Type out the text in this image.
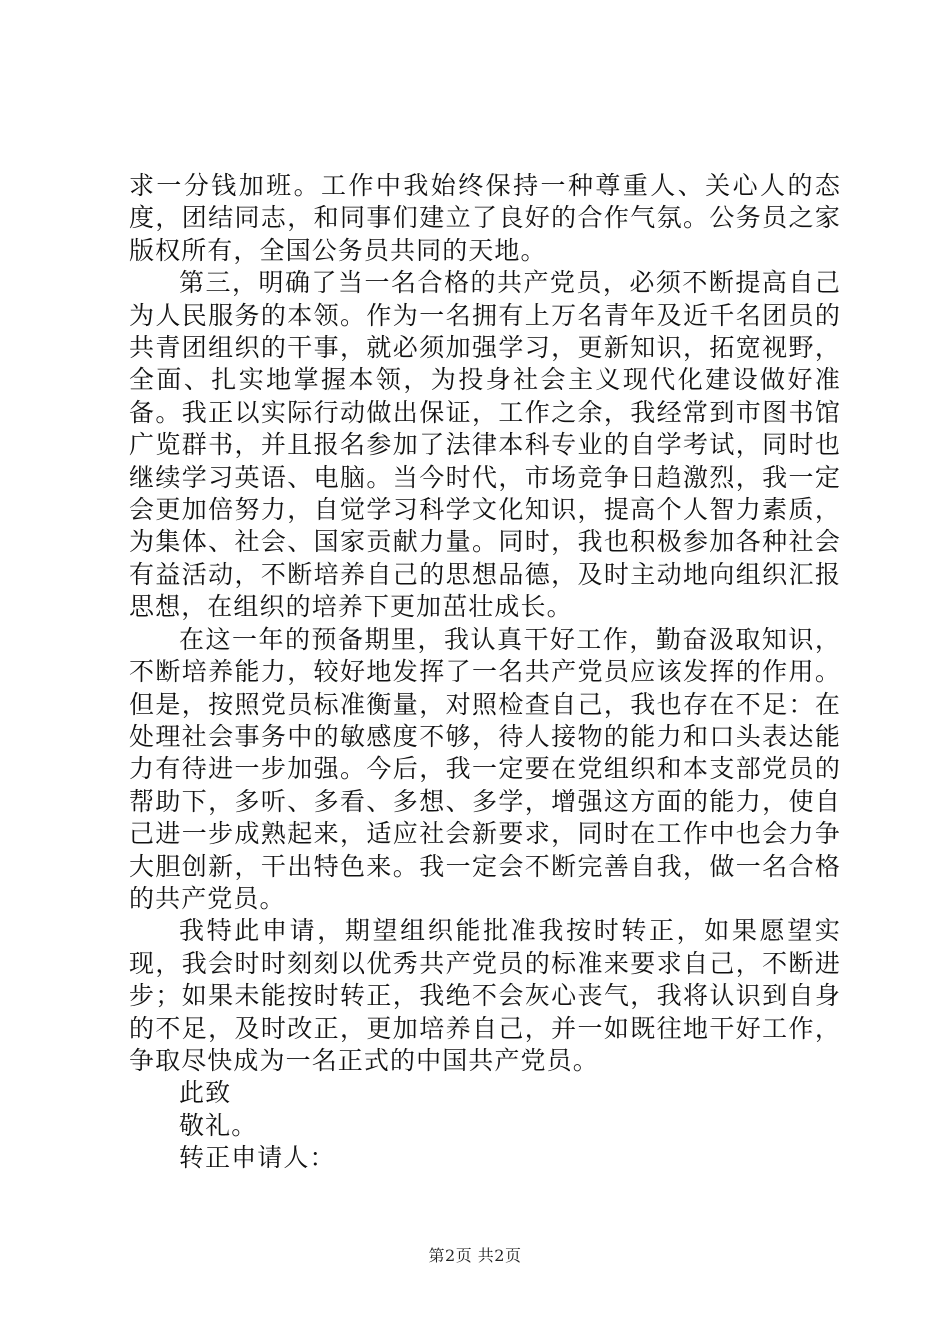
求一分钱加班。工作中我始终保持一种尊重人、关心人的态度，团结同志，和同事们建立了良好的合作气氛。公务员之家版权所有，全国公务员共同的天地。

第三，明确了当一名合格的共产党员，必须不断提高自己为人民服务的本领。作为一名拥有上万名青年及近千名团员的共青团组织的干事，就必须加强学习，更新知识，拓宽视野，全面、扎实地掌握本领，为投身社会主义现代化建设做好准备。我正以实际行动做出保证，工作之余，我经常到市图书馆广览群书，并且报名参加了法律本科专业的自学考试，同时也继续学习英语、电脑。当今时代，市场竞争日趋激烈，我一定会更加倍努力，自觉学习科学文化知识，提高个人智力素质，为集体、社会、国家贡献力量。同时，我也积极参加各种社会有益活动，不断培养自己的思想品德，及时主动地向组织汇报思想，在组织的培养下更加茁壮成长。

在这一年的预备期里，我认真干好工作，勤奋汲取知识，不断培养能力，较好地发挥了一名共产党员应该发挥的作用。但是，按照党员标准衡量，对照检查自己，我也存在不足：在处理社会事务中的敏感度不够，待人接物的能力和口头表达能力有待进一步加强。今后，我一定要在党组织和本支部党员的帮助下，多听、多看、多想、多学，增强这方面的能力，使自己进一步成熟起来，适应社会新要求，同时在工作中也会力争大胆创新，干出特色来。我一定会不断完善自我，做一名合格的共产党员。

我特此申请，期望组织能批准我按时转正，如果愿望实现，我会时时刻刻以优秀共产党员的标准来要求自己，不断进步；如果未能按时转正，我绝不会灰心丧气，我将认识到自身的不足，及时改正，更加培养自己，并一如既往地干好工作，争取尽快成为一名正式的中国共产党员。

此致

敬礼。

转正申请人：

第2页 共2页
